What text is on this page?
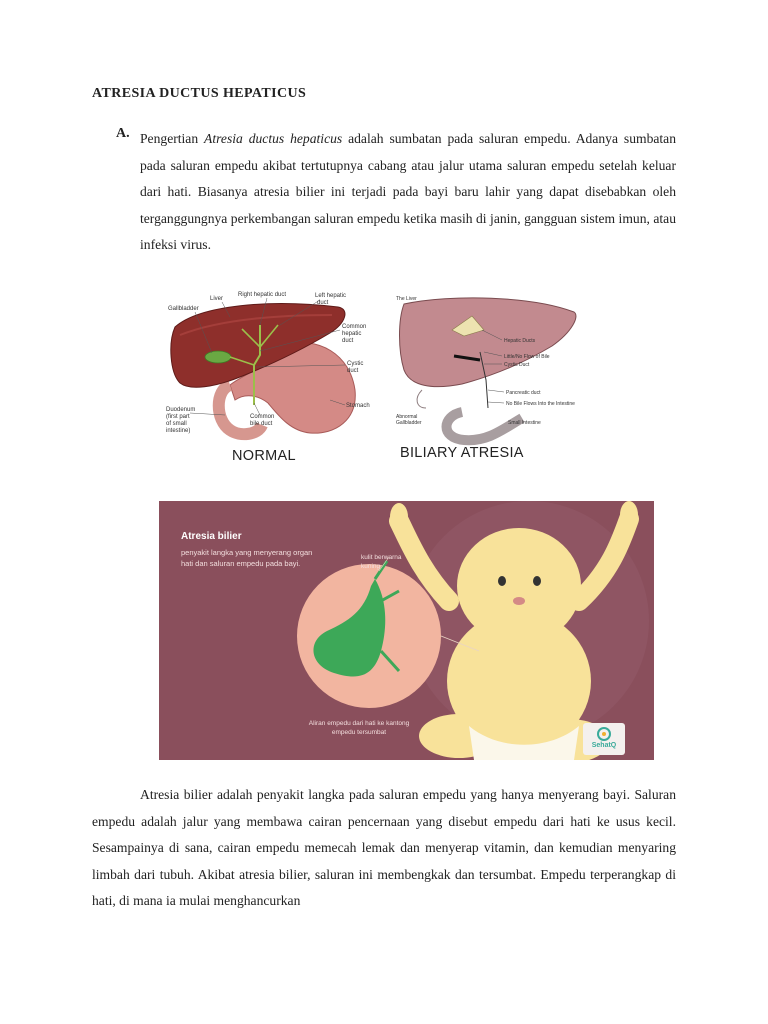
ATRESIA DUCTUS HEPATICUS
A. Pengertian Atresia ductus hepaticus adalah sumbatan pada saluran empedu. Adanya sumbatan pada saluran empedu akibat tertutupnya cabang atau jalur utama saluran empedu setelah keluar dari hati. Biasanya atresia bilier ini terjadi pada bayi baru lahir yang dapat disebabkan oleh terganggungnya perkembangan saluran empedu ketika masih di janin, gangguan sistem imun, atau infeksi virus.
Liver
Right hepatic duct	Left hepatic
duct
Gallbladder
Common
hepatic
duct
Cystic
duct
Stomach
Duodenum
(first part
of small
intestine)
Common
bile duct
NORMAL
The Liver
Hepatic Ducts
Little/No Flow of Bile
Cystic Duct
Pancreatic duct
No Bile Flows Into the Intestine
Abnormal
Gallbladder	Small Intestine
BILIARY ATRESIA
Atresia bilier
penyakit langka yang menyerang organ hati dan saluran empedu pada bayi.
kulit berwarna kuning
Aliran empedu dari hati ke kantong empedu tersumbat
SehatQ

Atresia bilier adalah penyakit langka pada saluran empedu yang hanya menyerang bayi. Saluran empedu adalah jalur yang membawa cairan pencernaan yang disebut empedu dari hati ke usus kecil. Sesampainya di sana, cairan empedu memecah lemak dan menyerap vitamin, dan kemudian menyaring limbah dari tubuh. Akibat atresia bilier, saluran ini membengkak dan tersumbat. Empedu terperangkap di hati, di mana ia mulai menghancurkan
